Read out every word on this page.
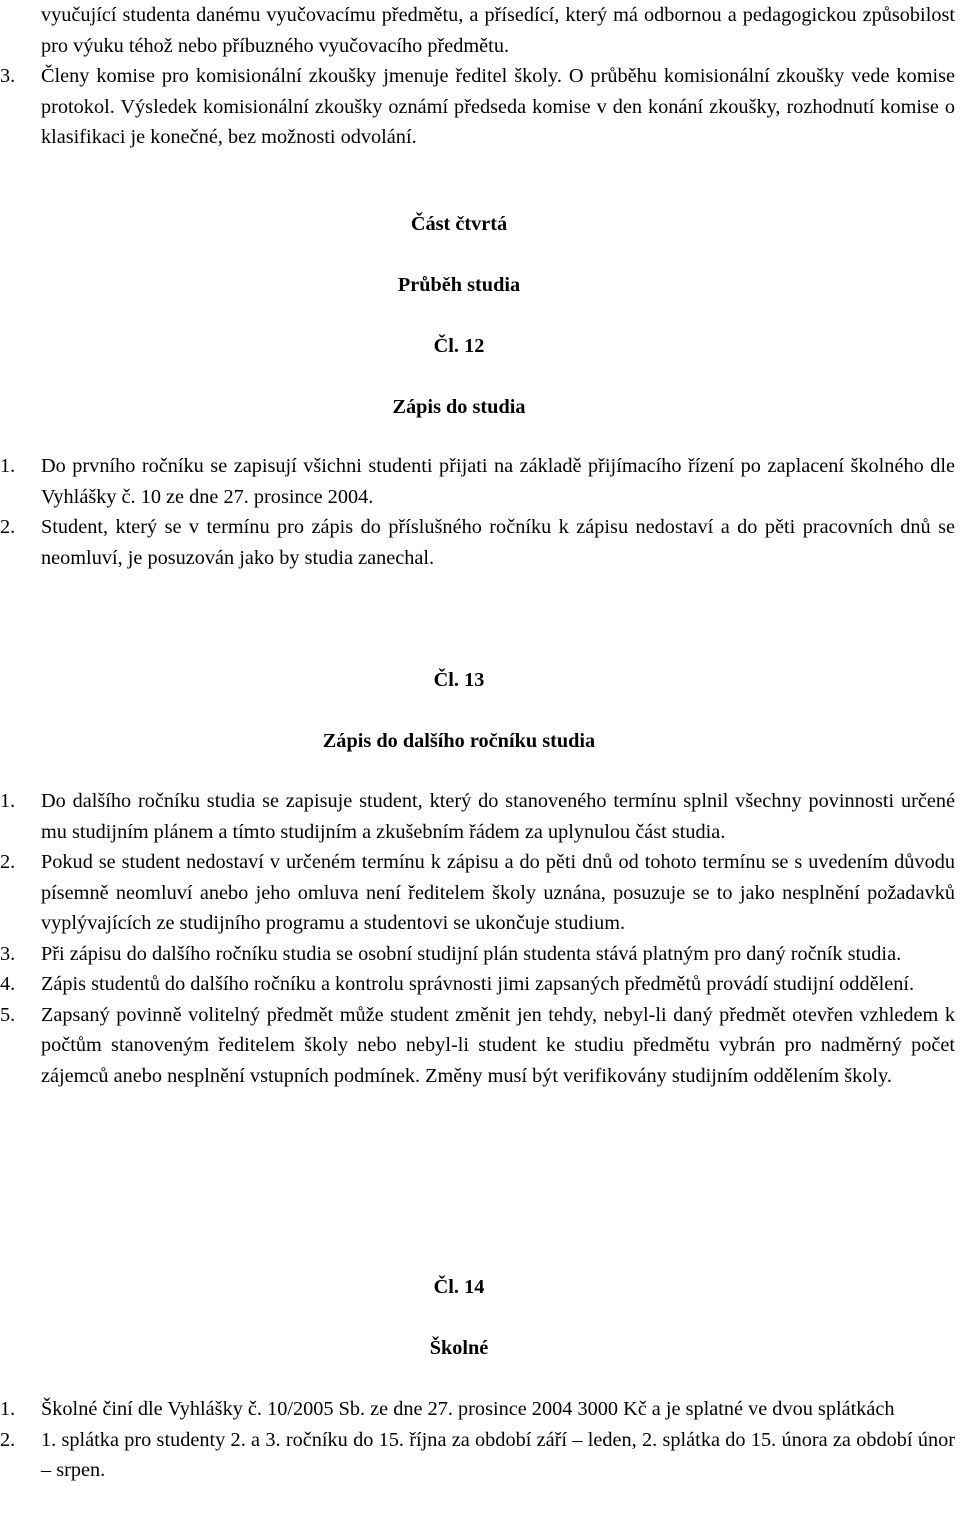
vyučující studenta danému vyučovacímu předmětu, a přísedící, který má odbornou a pedagogickou způsobilost pro výuku téhož nebo příbuzného vyučovacího předmětu.
3. Členy komise pro komisionální zkoušky jmenuje ředitel školy. O průběhu komisionální zkoušky vede komise protokol. Výsledek komisionální zkoušky oznámí předseda komise v den konání zkoušky, rozhodnutí komise o klasifikaci je konečné, bez možnosti odvolání.
Část čtvrtá
Průběh studia
Čl. 12
Zápis do studia
1. Do prvního ročníku se zapisují všichni studenti přijati na základě přijímacího řízení po zaplacení školného dle Vyhlášky č. 10 ze dne 27. prosince 2004.
2. Student, který se v termínu pro zápis do příslušného ročníku k zápisu nedostaví a do pěti pracovních dnů se neomluví, je posuzován jako by studia zanechal.
Čl. 13
Zápis do dalšího ročníku studia
1. Do dalšího ročníku studia se zapisuje student, který do stanoveného termínu splnil všechny povinnosti určené mu studijním plánem a tímto studijním a zkušebním řádem za uplynulou část studia.
2. Pokud se student nedostaví v určeném termínu k zápisu a do pěti dnů od tohoto termínu se s uvedením důvodu písemně neomluví anebo jeho omluva není ředitelem školy uznána, posuzuje se to jako nesplnění požadavků vyplývajících ze studijního programu a studentovi se ukončuje studium.
3. Při zápisu do dalšího ročníku studia se osobní studijní plán studenta stává platným pro daný ročník studia.
4. Zápis studentů do dalšího ročníku a kontrolu správnosti jimi zapsaných předmětů provádí studijní oddělení.
5. Zapsaný povinně volitelný předmět může student změnit jen tehdy, nebyl-li daný předmět otevřen vzhledem k počtům stanoveným ředitelem školy nebo nebyl-li student ke studiu předmětu vybrán pro nadměrný počet zájemců anebo nesplnění vstupních podmínek. Změny musí být verifikovány studijním oddělením školy.
Čl. 14
Školné
1. Školné činí dle Vyhlášky č. 10/2005 Sb. ze dne 27. prosince 2004 3000 Kč a je splatné ve dvou splátkách
2. 1. splátka pro studenty 2. a 3. ročníku do 15. října za období září – leden, 2. splátka do 15. února za období únor – srpen.
